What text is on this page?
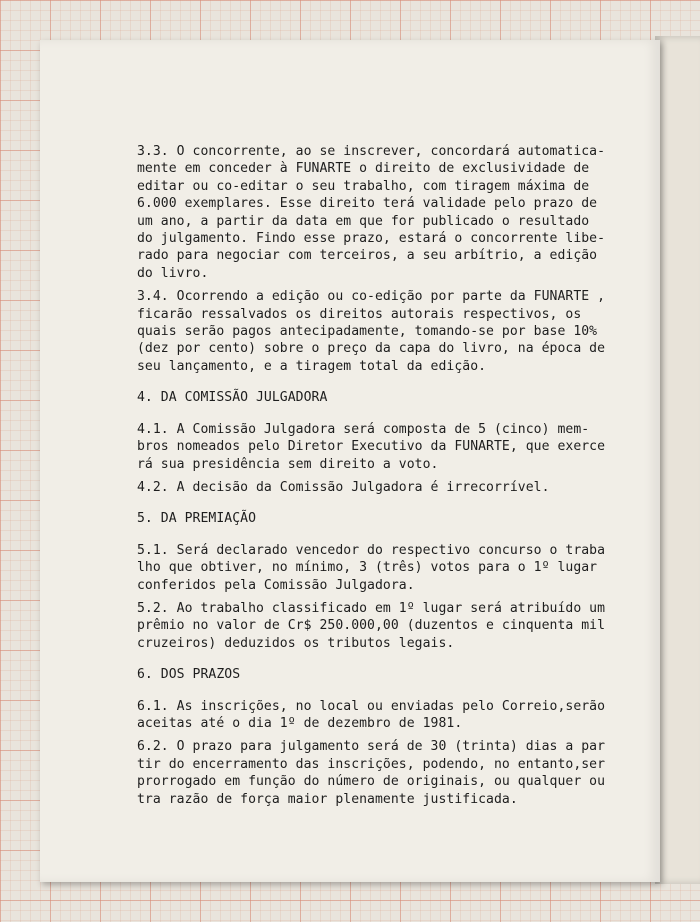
3.3. O concorrente, ao se inscrever, concordará automatica-
mente em conceder à FUNARTE o direito de exclusividade de
editar ou co-editar o seu trabalho, com tiragem máxima de
6.000 exemplares. Esse direito terá validade pelo prazo de
um ano, a partir da data em que for publicado o resultado
do julgamento. Findo esse prazo, estará o concorrente libe-
rado para negociar com terceiros, a seu arbítrio, a edição
do livro.

3.4. Ocorrendo a edição ou co-edição por parte da FUNARTE ,
ficarão ressalvados os direitos autorais respectivos, os
quais serão pagos antecipadamente, tomando-se por base 10%
(dez por cento) sobre o preço da capa do livro, na época de
seu lançamento, e a tiragem total da edição.

4. DA COMISSÃO JULGADORA

4.1. A Comissão Julgadora será composta de 5 (cinco) mem-
bros nomeados pelo Diretor Executivo da FUNARTE, que exerce
rá sua presidência sem direito a voto.

4.2. A decisão da Comissão Julgadora é irrecorrível.

5. DA PREMIAÇÃO

5.1. Será declarado vencedor do respectivo concurso o traba
lho que obtiver, no mínimo, 3 (três) votos para o 1º lugar
conferidos pela Comissão Julgadora.

5.2. Ao trabalho classificado em 1º lugar será atribuído um
prêmio no valor de Cr$ 250.000,00 (duzentos e cinquenta mil
cruzeiros) deduzidos os tributos legais.

6. DOS PRAZOS

6.1. As inscrições, no local ou enviadas pelo Correio,serão
aceitas até o dia 1º de dezembro de 1981.

6.2. O prazo para julgamento será de 30 (trinta) dias a par
tir do encerramento das inscrições, podendo, no entanto,ser
prorrogado em função do número de originais, ou qualquer ou
tra razão de força maior plenamente justificada.
